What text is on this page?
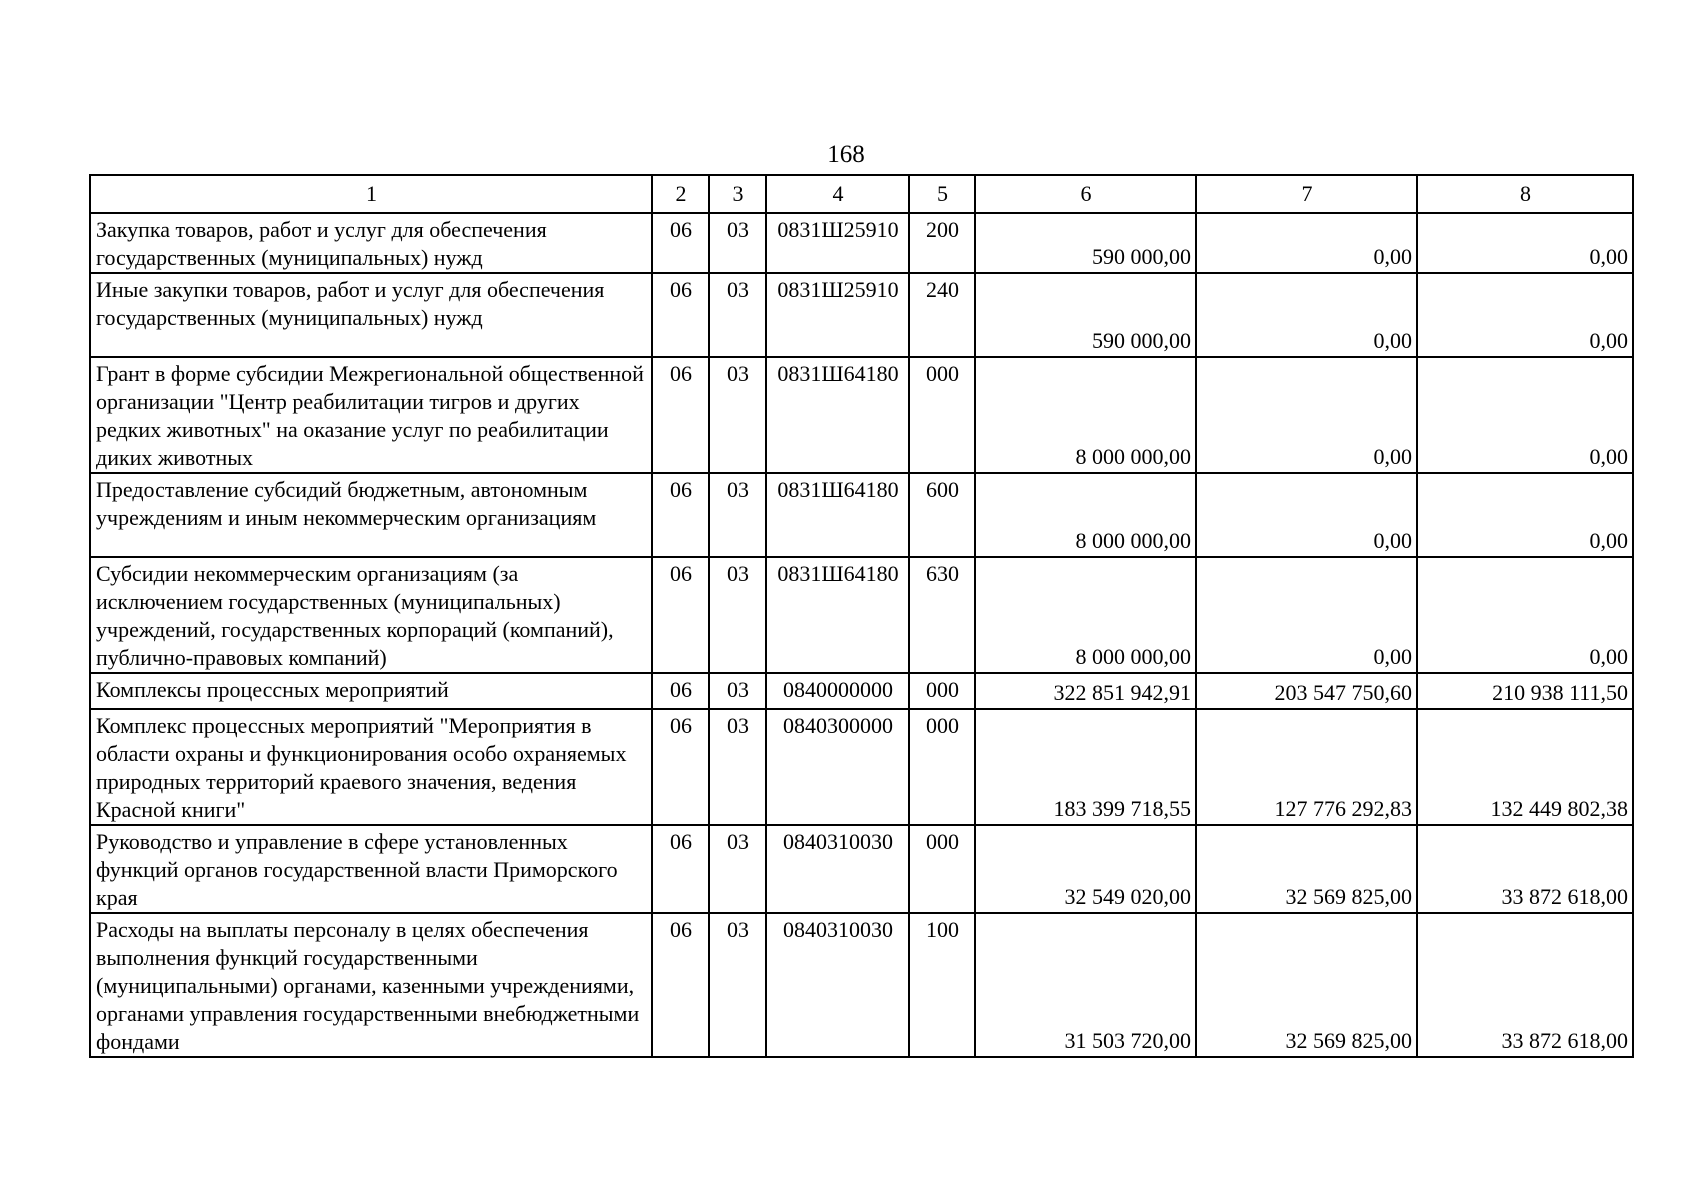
168
1	2	3	4	5	6	7	8
Закупка товаров, работ и услуг для обеспечения государственных (муниципальных) нужд	06	03	0831Ш25910	200	590 000,00	0,00	0,00
Иные закупки товаров, работ и услуг для обеспечения государственных (муниципальных) нужд	06	03	0831Ш25910	240	590 000,00	0,00	0,00
Грант в форме субсидии Межрегиональной общественной организации "Центр реабилитации тигров и других редких животных" на оказание услуг по реабилитации диких животных	06	03	0831Ш64180	000	8 000 000,00	0,00	0,00
Предоставление субсидий бюджетным, автономным учреждениям и иным некоммерческим организациям	06	03	0831Ш64180	600	8 000 000,00	0,00	0,00
Субсидии некоммерческим организациям (за исключением государственных (муниципальных) учреждений, государственных корпораций (компаний), публично-правовых компаний)	06	03	0831Ш64180	630	8 000 000,00	0,00	0,00
Комплексы процессных мероприятий	06	03	0840000000	000	322 851 942,91	203 547 750,60	210 938 111,50
Комплекс процессных мероприятий "Мероприятия в области охраны и функционирования особо охраняемых природных территорий краевого значения, ведения Красной книги"	06	03	0840300000	000	183 399 718,55	127 776 292,83	132 449 802,38
Руководство и управление в сфере установленных функций органов государственной власти Приморского края	06	03	0840310030	000	32 549 020,00	32 569 825,00	33 872 618,00
Расходы на выплаты персоналу в целях обеспечения выполнения функций государственными (муниципальными) органами, казенными учреждениями, органами управления государственными внебюджетными фондами	06	03	0840310030	100	31 503 720,00	32 569 825,00	33 872 618,00
